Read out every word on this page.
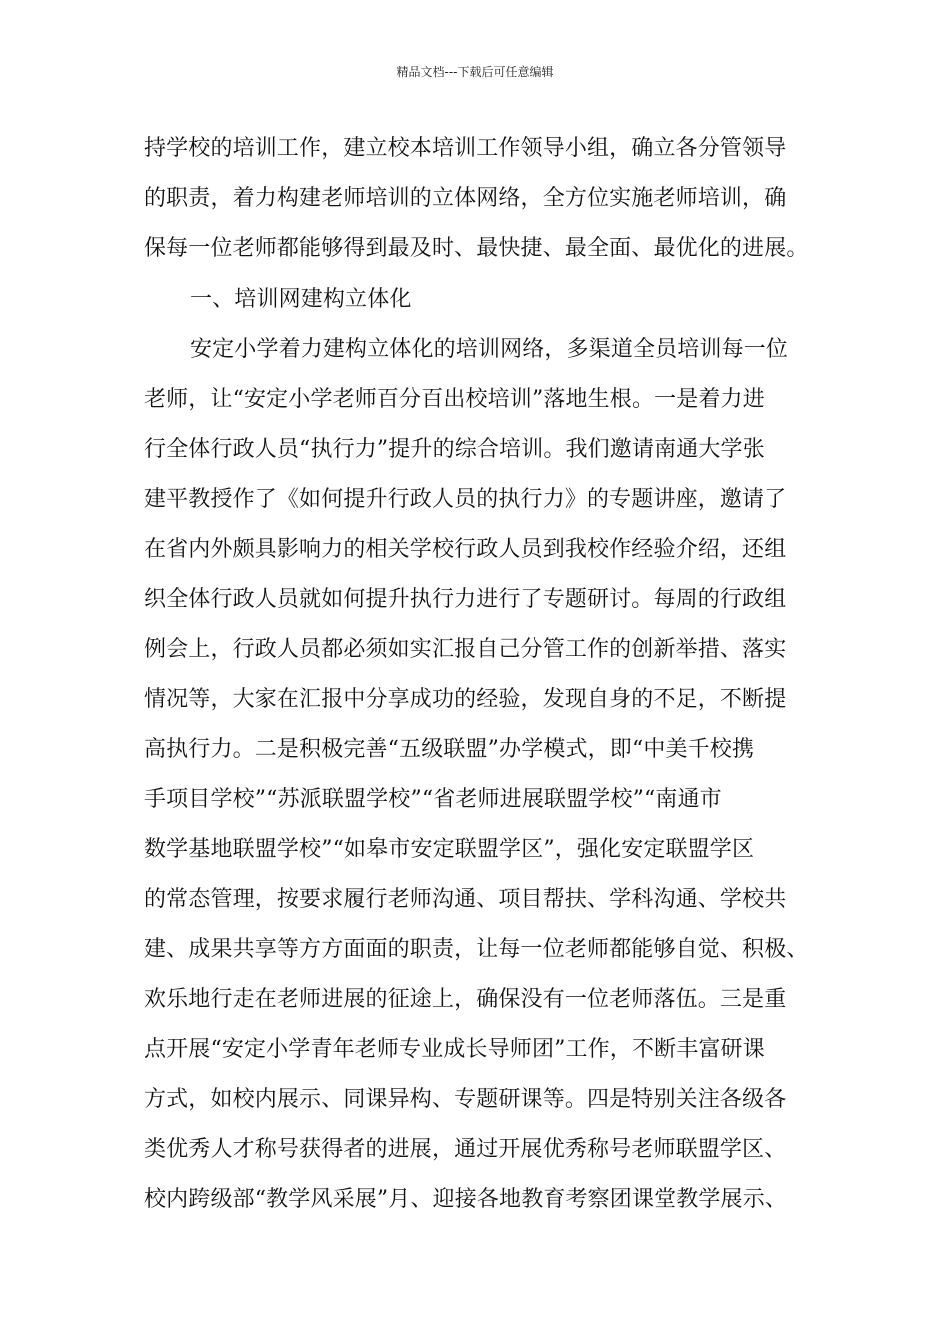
精品文档---下载后可任意编辑
持学校的培训工作，建立校本培训工作领导小组，确立各分管领导
的职责，着力构建老师培训的立体网络，全方位实施老师培训，确
保每一位老师都能够得到最及时、最快捷、最全面、最优化的进展。
一、培训网建构立体化
安定小学着力建构立体化的培训网络，多渠道全员培训每一位
老师，让“安定小学老师百分百出校培训”落地生根。一是着力进
行全体行政人员“执行力”提升的综合培训。我们邀请南通大学张
建平教授作了《如何提升行政人员的执行力》的专题讲座，邀请了
在省内外颇具影响力的相关学校行政人员到我校作经验介绍，还组
织全体行政人员就如何提升执行力进行了专题研讨。每周的行政组
例会上，行政人员都必须如实汇报自己分管工作的创新举措、落实
情况等，大家在汇报中分享成功的经验，发现自身的不足，不断提
高执行力。二是积极完善“五级联盟”办学模式，即“中美千校携
手项目学校”“苏派联盟学校”“省老师进展联盟学校”“南通市
数学基地联盟学校”“如皋市安定联盟学区”，强化安定联盟学区
的常态管理，按要求履行老师沟通、项目帮扶、学科沟通、学校共
建、成果共享等方方面面的职责，让每一位老师都能够自觉、积极、
欢乐地行走在老师进展的征途上，确保没有一位老师落伍。三是重
点开展“安定小学青年老师专业成长导师团”工作，不断丰富研课
方式，如校内展示、同课异构、专题研课等。四是特别关注各级各
类优秀人才称号获得者的进展，通过开展优秀称号老师联盟学区、
校内跨级部“教学风采展”月、迎接各地教育考察团课堂教学展示、
